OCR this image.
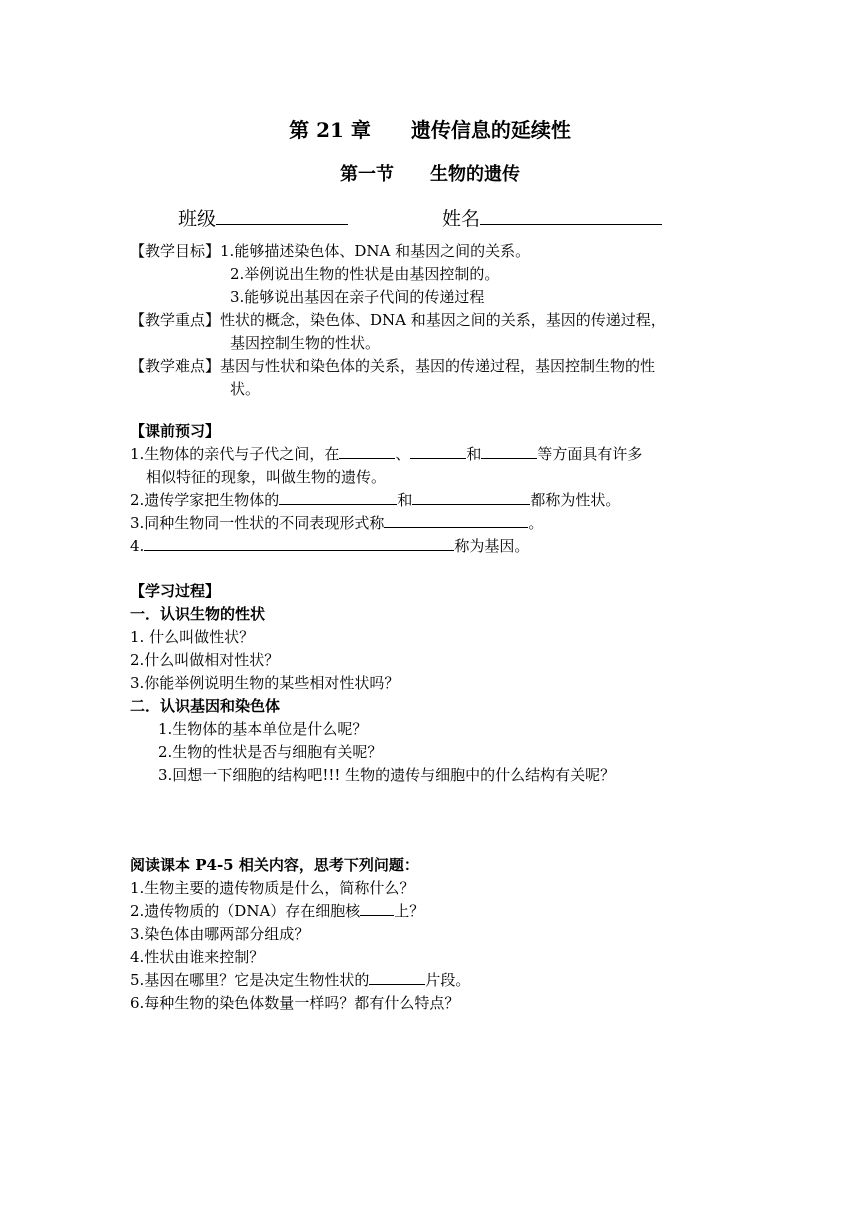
第 21 章　　遗传信息的延续性
第一节　　生物的遗传
班级	姓名
【教学目标】1.能够描述染色体、DNA 和基因之间的关系。
2.举例说出生物的性状是由基因控制的。
3.能够说出基因在亲子代间的传递过程
【教学重点】性状的概念，染色体、DNA 和基因之间的关系，基因的传递过程，
基因控制生物的性状。
【教学难点】基因与性状和染色体的关系，基因的传递过程，基因控制生物的性
状。
【课前预习】
1.生物体的亲代与子代之间，在	、	和	等方面具有许多
相似特征的现象，叫做生物的遗传。
2.遗传学家把生物体的	和	都称为性状。
3.同种生物同一性状的不同表现形式称	。
4.	称为基因。
【学习过程】
一．认识生物的性状
1. 什么叫做性状？
2.什么叫做相对性状？
3.你能举例说明生物的某些相对性状吗？
二．认识基因和染色体
1.生物体的基本单位是什么呢？
2.生物的性状是否与细胞有关呢？
3.回想一下细胞的结构吧!!! 生物的遗传与细胞中的什么结构有关呢？
阅读课本 P4-5 相关内容，思考下列问题：
1.生物主要的遗传物质是什么，简称什么？
2.遗传物质的（DNA）存在细胞核 上？
3.染色体由哪两部分组成？
4.性状由谁来控制？
5.基因在哪里？它是决定生物性状的	片段。
6.每种生物的染色体数量一样吗？都有什么特点？
